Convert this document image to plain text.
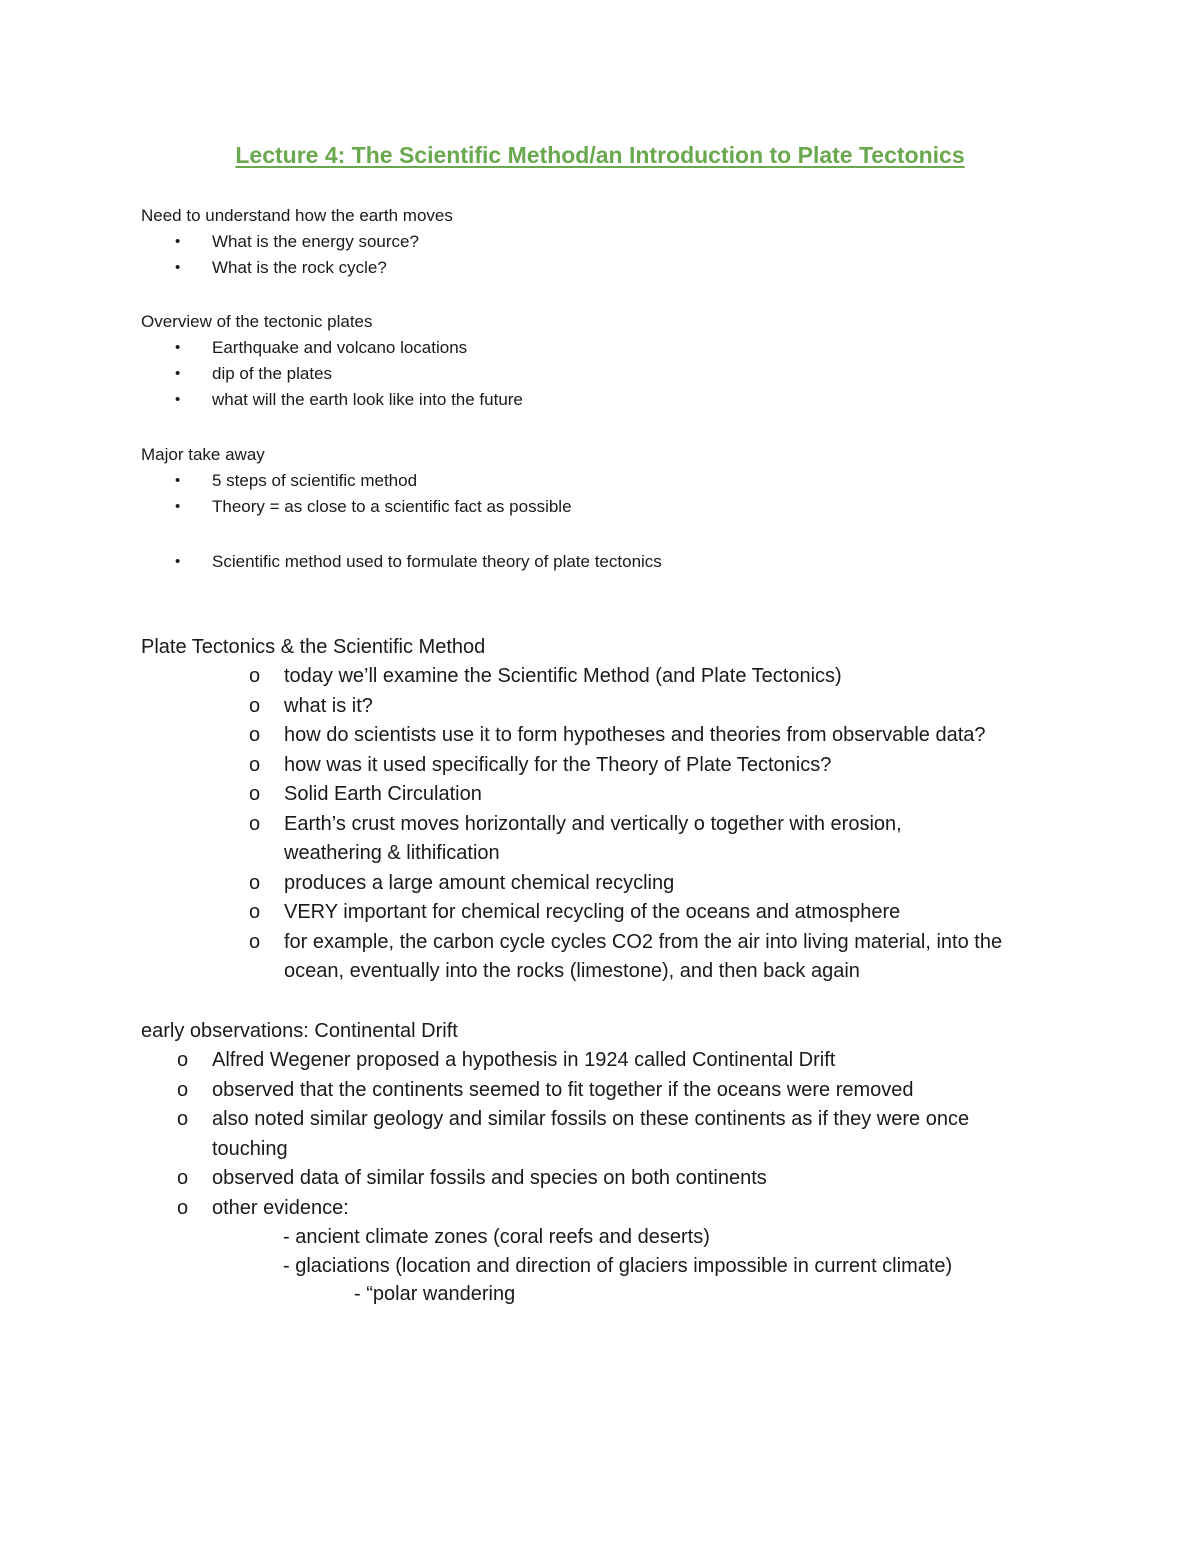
Lecture 4: The Scientific Method/an Introduction to Plate Tectonics

Need to understand how the earth moves

• What is the energy source?
• What is the rock cycle?

Overview of the tectonic plates

• Earthquake and volcano locations
• dip of the plates
• what will the earth look like into the future

Major take away

• 5 steps of scientific method
• Theory = as close to a scientific fact as possible
• Scientific method used to formulate theory of plate tectonics

Plate Tectonics & the Scientific Method

o today we’ll examine the Scientific Method (and Plate Tectonics)
o what is it?
o how do scientists use it to form hypotheses and theories from observable data?
o how was it used specifically for the Theory of Plate Tectonics?
o Solid Earth Circulation
o Earth’s crust moves horizontally and vertically o together with erosion, weathering & lithification
o produces a large amount chemical recycling
o VERY important for chemical recycling of the oceans and atmosphere
o for example, the carbon cycle cycles CO2 from the air into living material, into the ocean, eventually into the rocks (limestone), and then back again

early observations: Continental Drift

o Alfred Wegener proposed a hypothesis in 1924 called Continental Drift
o observed that the continents seemed to fit together if the oceans were removed
o also noted similar geology and similar fossils on these continents as if they were once touching
o observed data of similar fossils and species on both continents
o other evidence:
- ancient climate zones (coral reefs and deserts)
- glaciations (location and direction of glaciers impossible in current climate)
- “polar wandering
